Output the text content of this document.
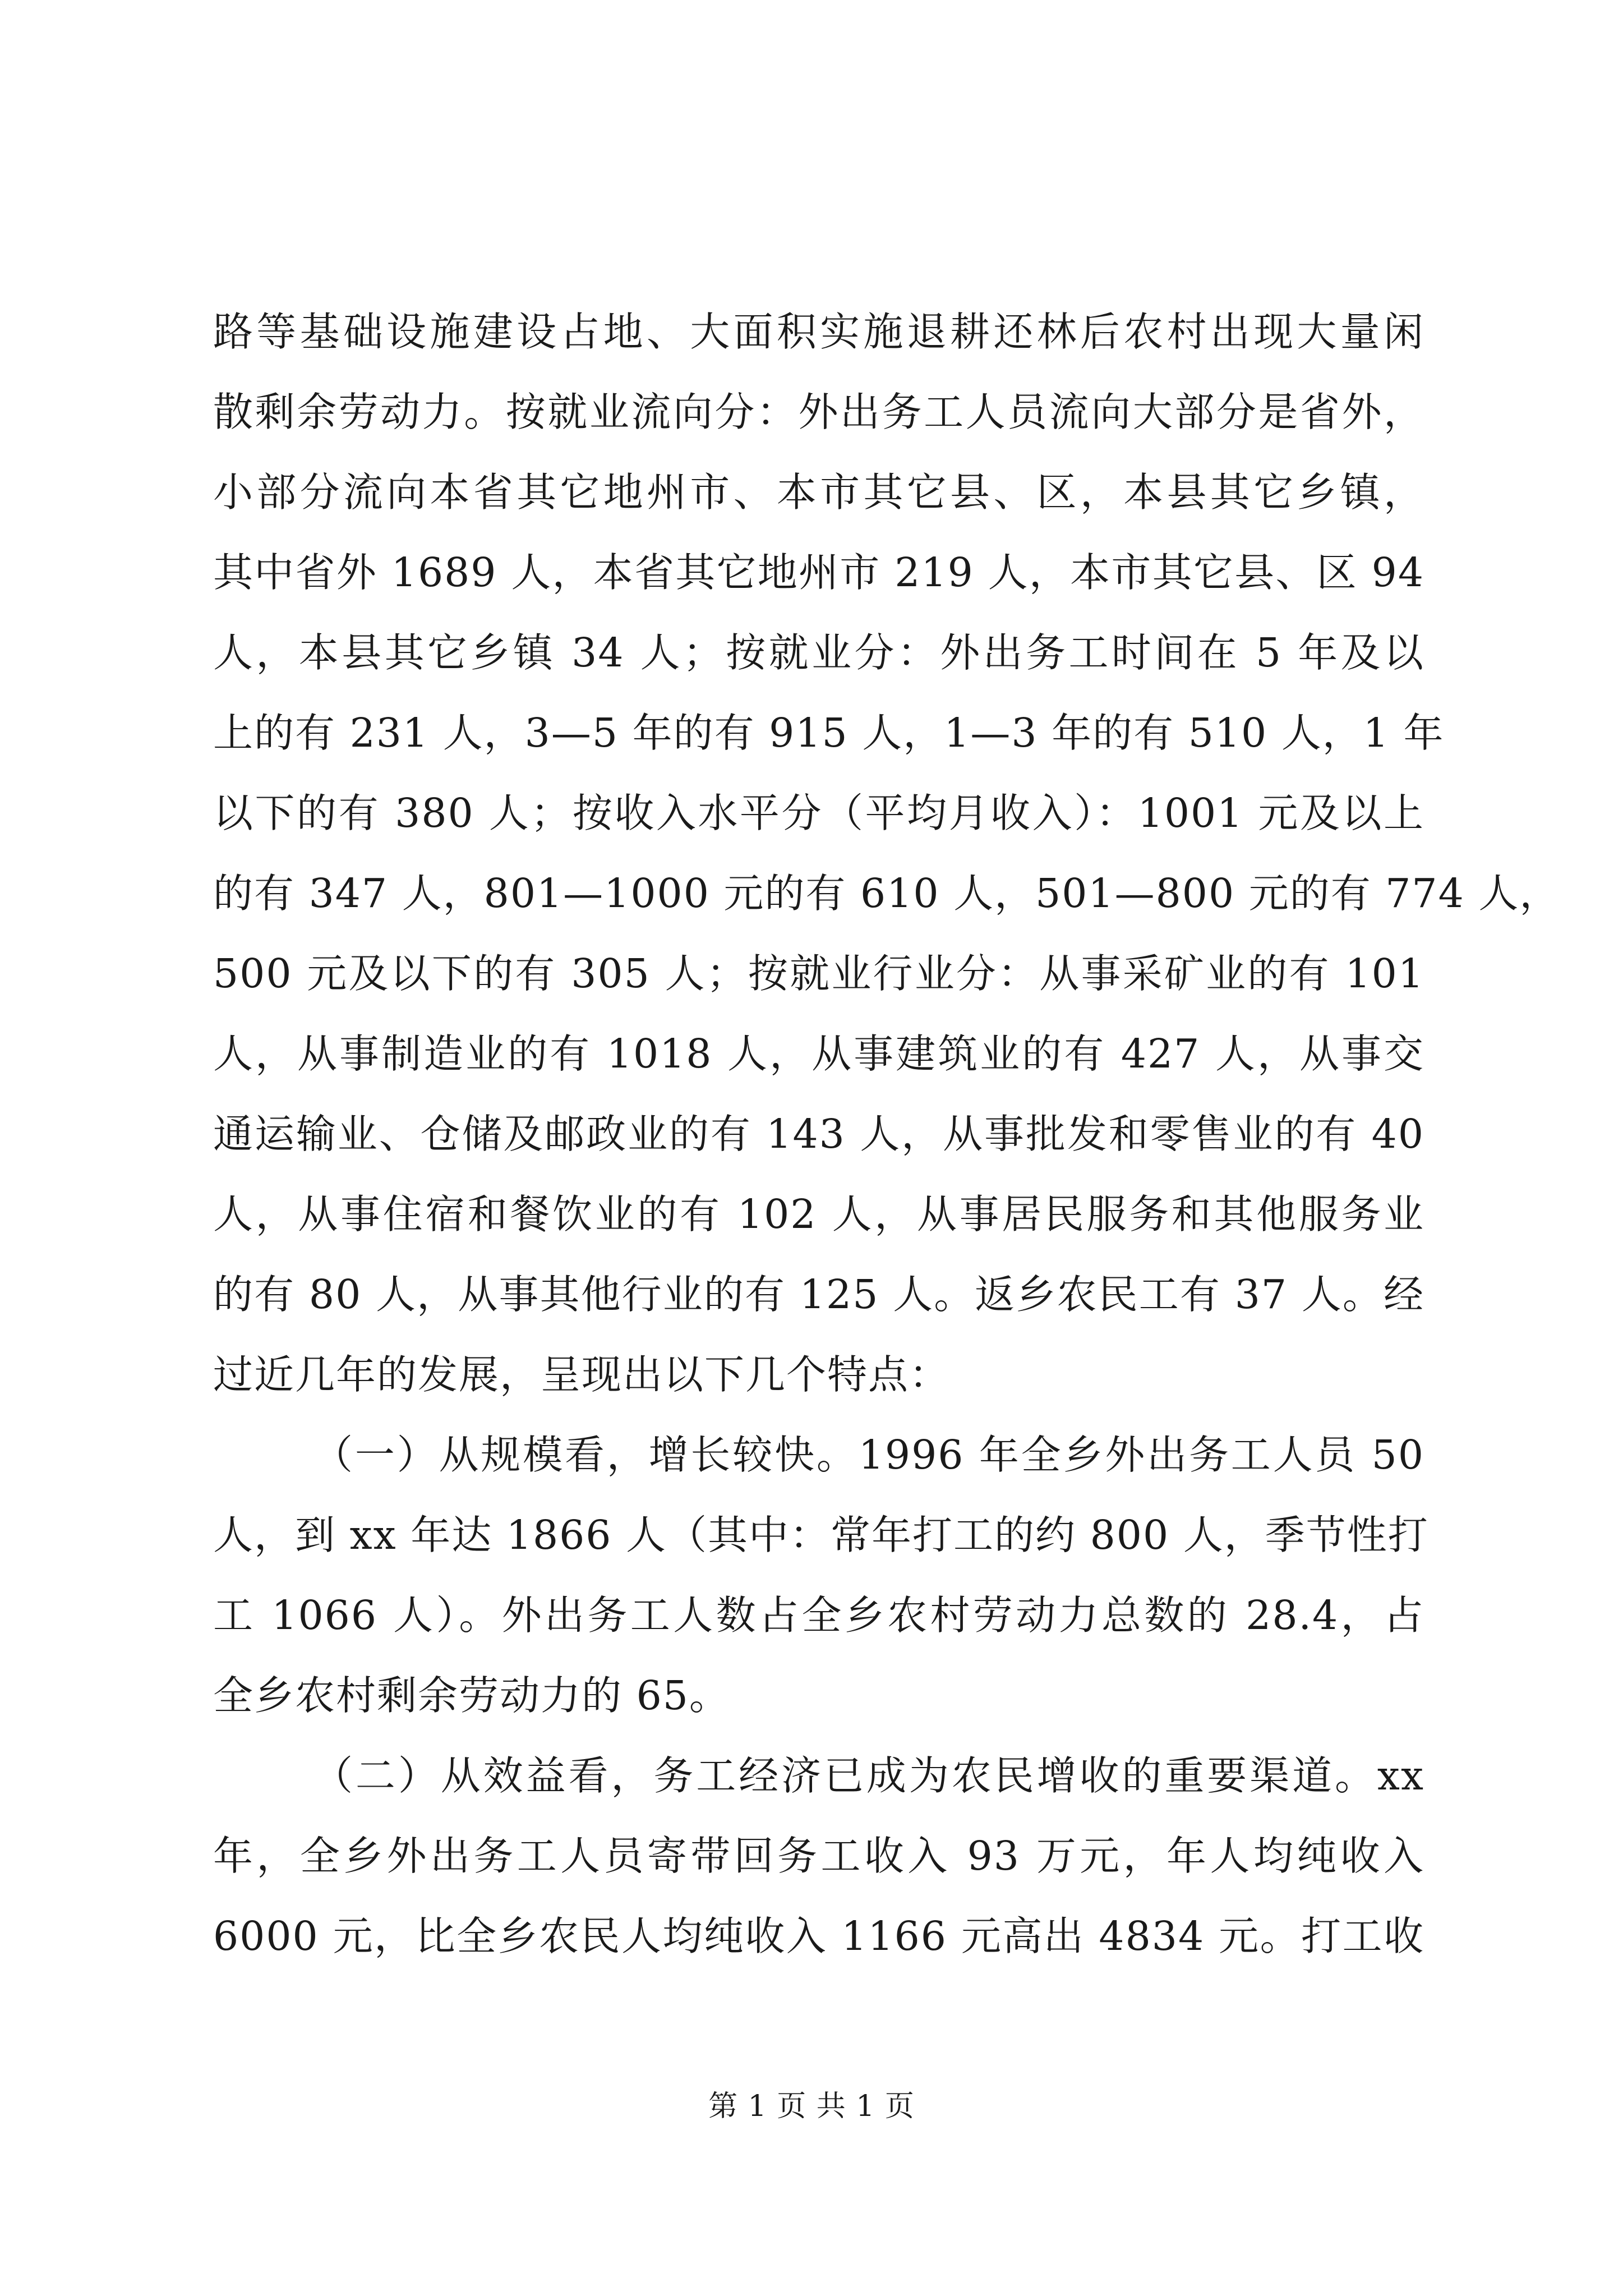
路等基础设施建设占地、大面积实施退耕还林后农村出现大量闲
散剩余劳动力。按就业流向分：外出务工人员流向大部分是省外，
小部分流向本省其它地州市、本市其它县、区，本县其它乡镇，
其中省外 1689 人，本省其它地州市 219 人，本市其它县、区 94
人，本县其它乡镇 34 人；按就业分：外出务工时间在 5 年及以
上的有 231 人，3—5 年的有 915 人，1—3 年的有 510 人，1 年
以下的有 380 人；按收入水平分（平均月收入）：1001 元及以上
的有 347 人，801—1000 元的有 610 人，501—800 元的有 774 人，
500 元及以下的有 305 人；按就业行业分：从事采矿业的有 101
人，从事制造业的有 1018 人，从事建筑业的有 427 人，从事交
通运输业、仓储及邮政业的有 143 人，从事批发和零售业的有 40
人，从事住宿和餐饮业的有 102 人，从事居民服务和其他服务业
的有 80 人，从事其他行业的有 125 人。返乡农民工有 37 人。经
过近几年的发展，呈现出以下几个特点：
（一）从规模看，增长较快。1996 年全乡外出务工人员 50
人，到 xx 年达 1866 人（其中：常年打工的约 800 人，季节性打
工 1066 人）。外出务工人数占全乡农村劳动力总数的 28.4，占
全乡农村剩余劳动力的 65。
（二）从效益看，务工经济已成为农民增收的重要渠道。xx
年，全乡外出务工人员寄带回务工收入 93 万元，年人均纯收入
6000 元，比全乡农民人均纯收入 1166 元高出 4834 元。打工收
第 1 页 共 1 页
